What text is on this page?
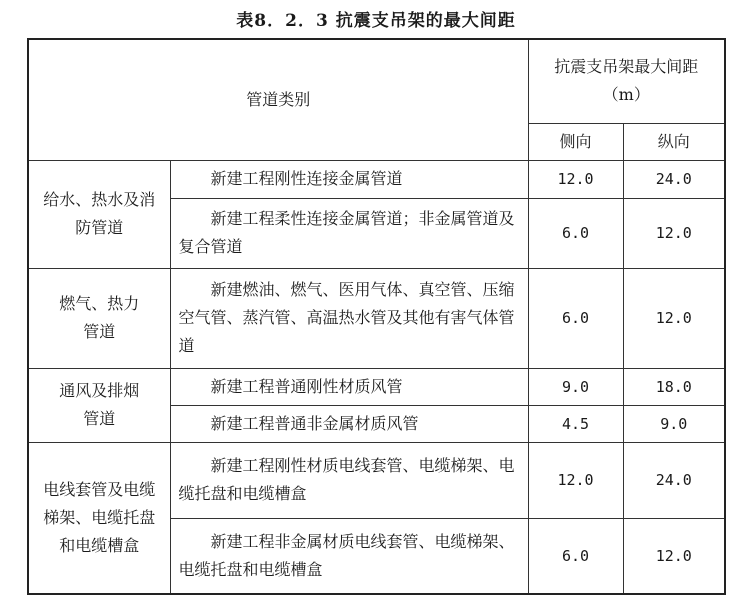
表8．2．3 抗震支吊架的最大间距
管道类别		抗震支吊架最大间距（m）	
		侧向	纵向
给水、热水及消防管道	新建工程刚性连接金属管道	12.0	24.0
	新建工程柔性连接金属管道；非金属管道及复合管道	6.0	12.0
燃气、热力管道	新建燃油、燃气、医用气体、真空管、压缩空气管、蒸汽管、高温热水管及其他有害气体管道	6.0	12.0
通风及排烟管道	新建工程普通刚性材质风管	9.0	18.0
	新建工程普通非金属材质风管	4.5	9.0
电线套管及电缆梯架、电缆托盘和电缆槽盒	新建工程刚性材质电线套管、电缆梯架、电缆托盘和电缆槽盒	12.0	24.0
	新建工程非金属材质电线套管、电缆梯架、电缆托盘和电缆槽盒	6.0	12.0
